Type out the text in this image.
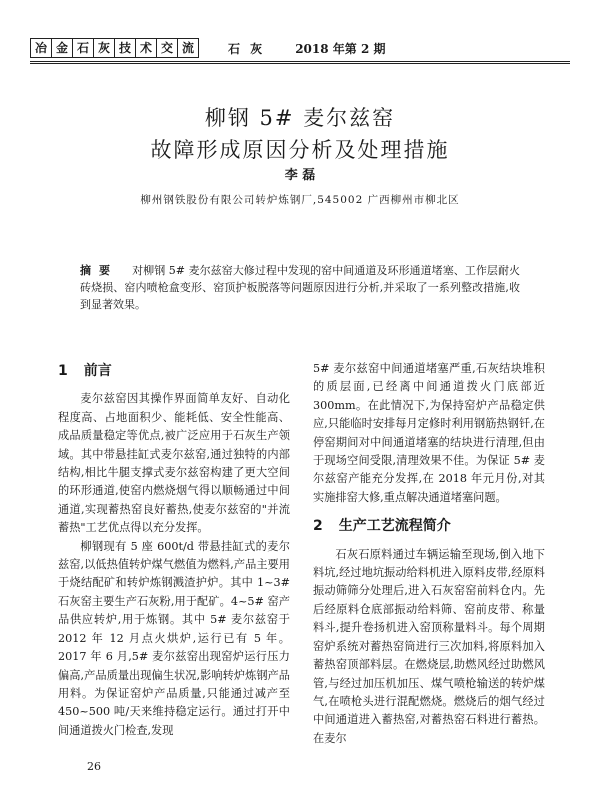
冶 金 石 灰 技 术 交 流	石 灰	2018 年第 2 期
柳钢 5# 麦尔兹窑
故障形成原因分析及处理措施
李 磊
柳州钢铁股份有限公司转炉炼钢厂,545002 广西柳州市柳北区
摘要 对柳钢 5# 麦尔兹窑大修过程中发现的窑中间通道及环形通道堵塞、工作层耐火砖烧损、窑内喷枪盒变形、窑顶护板脱落等问题原因进行分析,并采取了一系列整改措施,收到显著效果。
1 前言

麦尔兹窑因其操作界面简单友好、自动化程度高、占地面积少、能耗低、安全性能高、成品质量稳定等优点,被广泛应用于石灰生产领域。其中带悬挂缸式麦尔兹窑,通过独特的内部结构,相比牛腿支撑式麦尔兹窑构建了更大空间的环形通道,使窑内燃烧烟气得以顺畅通过中间通道,实现蓄热窑良好蓄热,使麦尔兹窑的"并流蓄热"工艺优点得以充分发挥。

柳钢现有 5 座 600t/d 带悬挂缸式的麦尔兹窑,以低热值转炉煤气燃值为燃料,产品主要用于烧结配矿和转炉炼钢溅渣护炉。其中 1~3# 石灰窑主要生产石灰粉,用于配矿。4~5# 窑产品供应转炉,用于炼钢。其中 5# 麦尔兹窑于 2012 年 12 月点火烘炉,运行已有 5 年。2017 年 6 月,5# 麦尔兹窑出现窑炉运行压力偏高,产品质量出现偏生状况,影响转炉炼钢产品用料。为保证窑炉产品质量,只能通过减产至 450~500 吨/天来维持稳定运行。通过打开中间通道拨火门检查,发现

5# 麦尔兹窑中间通道堵塞严重,石灰结块堆积的质层面,已经离中间通道拨火门底部近 300mm。在此情况下,为保持窑炉产品稳定供应,只能临时安排每月定修时利用钢筋热钢钎,在停窑期间对中间通道堵塞的结块进行清理,但由于现场空间受限,清理效果不佳。为保证 5# 麦尔兹窑产能充分发挥,在 2018 年元月份,对其实施排窑大修,重点解决通道堵塞问题。

2 生产工艺流程简介

石灰石原料通过车辆运输至现场,倒入地下料坑,经过地坑振动给料机进入原料皮带,经原料振动筛筛分处理后,进入石灰窑窑前料仓内。先后经原料仓底部振动给料筛、窑前皮带、称量料斗,提升卷扬机进入窑顶称量料斗。每个周期窑炉系统对蓄热窑筒进行三次加料,将原料加入蓄热窑顶部料层。在燃烧层,助燃风经过助燃风管,与经过加压机加压、煤气喷枪输送的转炉煤气,在喷枪头进行混配燃烧。燃烧后的烟气经过中间通道进入蓄热窑,对蓄热窑石料进行蓄热。在麦尔

26
